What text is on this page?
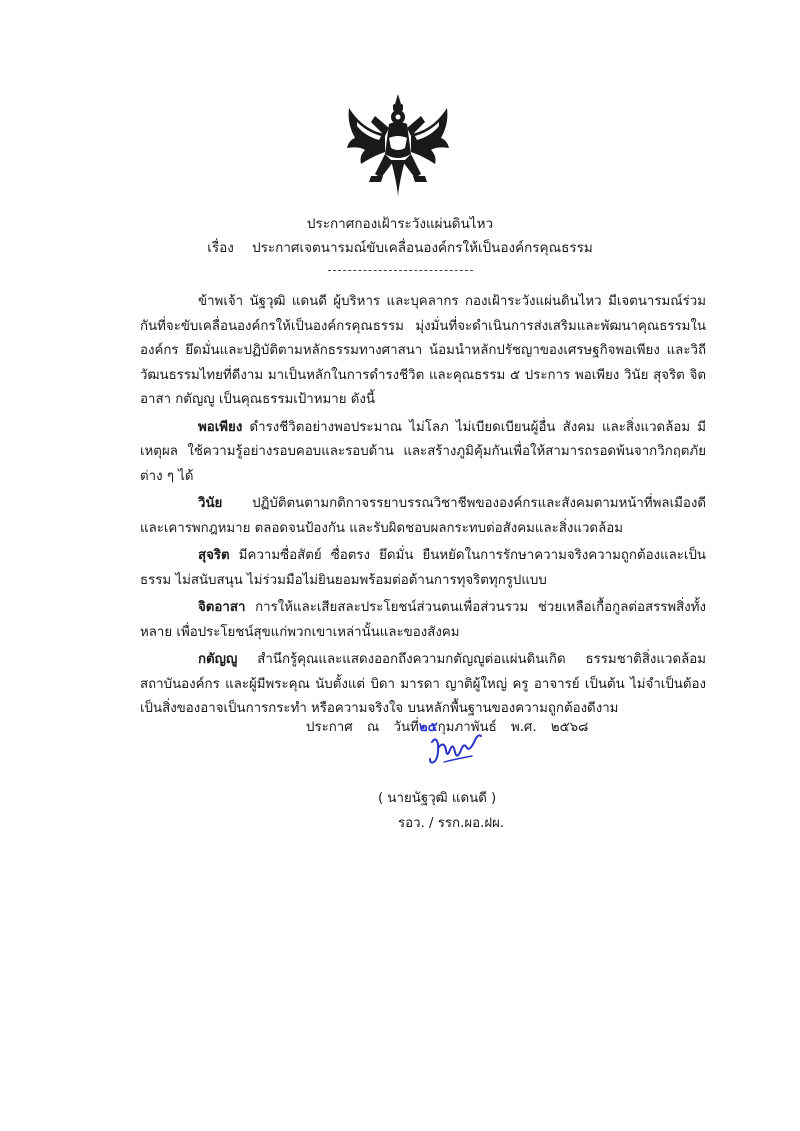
ประกาศกองเฝ้าระวังแผ่นดินไหว
เรื่อง ประกาศเจตนารมณ์ขับเคลื่อนองค์กรให้เป็นองค์กรคุณธรรม

ข้าพเจ้า นัฐวุฒิ แดนดี ผู้บริหาร และบุคลากร กองเฝ้าระวังแผ่นดินไหว มีเจตนารมณ์ร่วมกันที่จะขับเคลื่อนองค์กรให้เป็นองค์กรคุณธรรม มุ่งมั่นที่จะดำเนินการส่งเสริมและพัฒนาคุณธรรมในองค์กร ยึดมั่นและปฏิบัติตามหลักธรรมทางศาสนา น้อมนำหลักปรัชญาของเศรษฐกิจพอเพียง และวิถีวัฒนธรรมไทยที่ดีงาม มาเป็นหลักในการดำรงชีวิต และคุณธรรม ๕ ประการ พอเพียง วินัย สุจริต จิตอาสา กตัญญู เป็นคุณธรรมเป้าหมาย ดังนี้

พอเพียง ดำรงชีวิตอย่างพอประมาณ ไม่โลภ ไม่เบียดเบียนผู้อื่น สังคม และสิ่งแวดล้อม มีเหตุผล ใช้ความรู้อย่างรอบคอบและรอบด้าน และสร้างภูมิคุ้มกันเพื่อให้สามารถรอดพ้นจากวิกฤตภัยต่าง ๆ ได้

วินัย ปฏิบัติตนตามกติกาจรรยาบรรณวิชาชีพขององค์กรและสังคมตามหน้าที่พลเมืองดี และเคารพกฎหมาย ตลอดจนป้องกัน และรับผิดชอบผลกระทบต่อสังคมและสิ่งแวดล้อม

สุจริต มีความซื่อสัตย์ ซื่อตรง ยึดมั่น ยืนหยัดในการรักษาความจริงความถูกต้องและเป็นธรรม ไม่สนับสนุน ไม่ร่วมมือไม่ยินยอมพร้อมต่อต้านการทุจริตทุกรูปแบบ

จิตอาสา การให้และเสียสละประโยชน์ส่วนตนเพื่อส่วนรวม ช่วยเหลือเกื้อกูลต่อสรรพสิ่งทั้งหลาย เพื่อประโยชน์สุขแก่พวกเขาเหล่านั้นและของสังคม

กตัญญู สำนึกรู้คุณและแสดงออกถึงความกตัญญูต่อแผ่นดินเกิด ธรรมชาติสิ่งแวดล้อม สถาบันองค์กร และผู้มีพระคุณ นับตั้งแต่ บิดา มารดา ญาติผู้ใหญ่ ครู อาจารย์ เป็นต้น ไม่จำเป็นต้องเป็นสิ่งของอาจเป็นการกระทำ หรือความจริงใจ บนหลักพื้นฐานของความถูกต้องดีงาม

ประกาศ ณ วันที่๒๕กุมภาพันธ์ พ.ศ. ๒๕๖๘
( นายนัฐวุฒิ แดนดี )
รอว. / รรก.ผอ.ฝผ.
